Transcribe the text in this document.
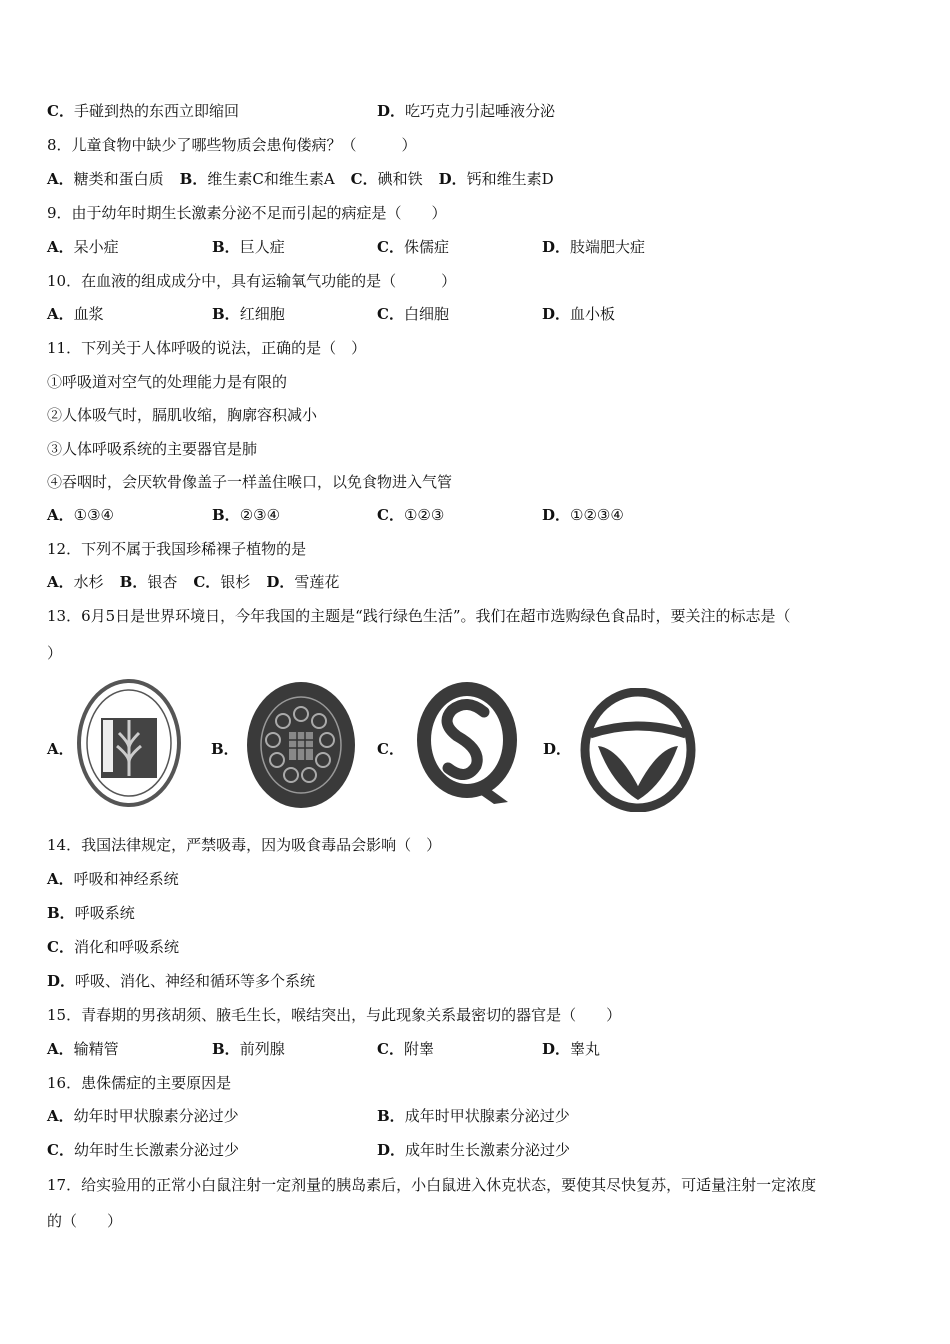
C．手碰到热的东西立即缩回	D．吃巧克力引起唾液分泌
8．儿童食物中缺少了哪些物质会患佝偻病？（　　　）
A．糖类和蛋白质 B．维生素C和维生素A C．碘和铁 D．钙和维生素D
9．由于幼年时期生长激素分泌不足而引起的病症是（　　）
A．呆小症	B．巨人症	C．侏儒症	D．肢端肥大症
10．在血液的组成成分中，具有运输氧气功能的是（　　　）
A．血浆	B．红细胞	C．白细胞	D．血小板
11．下列关于人体呼吸的说法，正确的是（　）
①呼吸道对空气的处理能力是有限的
②人体吸气时，膈肌收缩，胸廓容积减小
③人体呼吸系统的主要器官是肺
④吞咽时，会厌软骨像盖子一样盖住喉口，以免食物进入气管
A．①③④	B．②③④	C．①②③	D．①②③④
12．下列不属于我国珍稀裸子植物的是
A．水杉 B．银杏 C．银杉 D．雪莲花
13．6月5日是世界环境日，今年我国的主题是“践行绿色生活”。我们在超市选购绿色食品时，要关注的标志是（
）
A．	B．	C．	D．
14．我国法律规定，严禁吸毒，因为吸食毒品会影响（　）
A．呼吸和神经系统
B．呼吸系统
C．消化和呼吸系统
D．呼吸、消化、神经和循环等多个系统
15．青春期的男孩胡须、腋毛生长，喉结突出，与此现象关系最密切的器官是（　　）
A．输精管	B．前列腺	C．附睾	D．睾丸
16．患侏儒症的主要原因是
A．幼年时甲状腺素分泌过少	B．成年时甲状腺素分泌过少
C．幼年时生长激素分泌过少	D．成年时生长激素分泌过少
17．给实验用的正常小白鼠注射一定剂量的胰岛素后，小白鼠进入休克状态，要使其尽快复苏，可适量注射一定浓度
的（　　）
